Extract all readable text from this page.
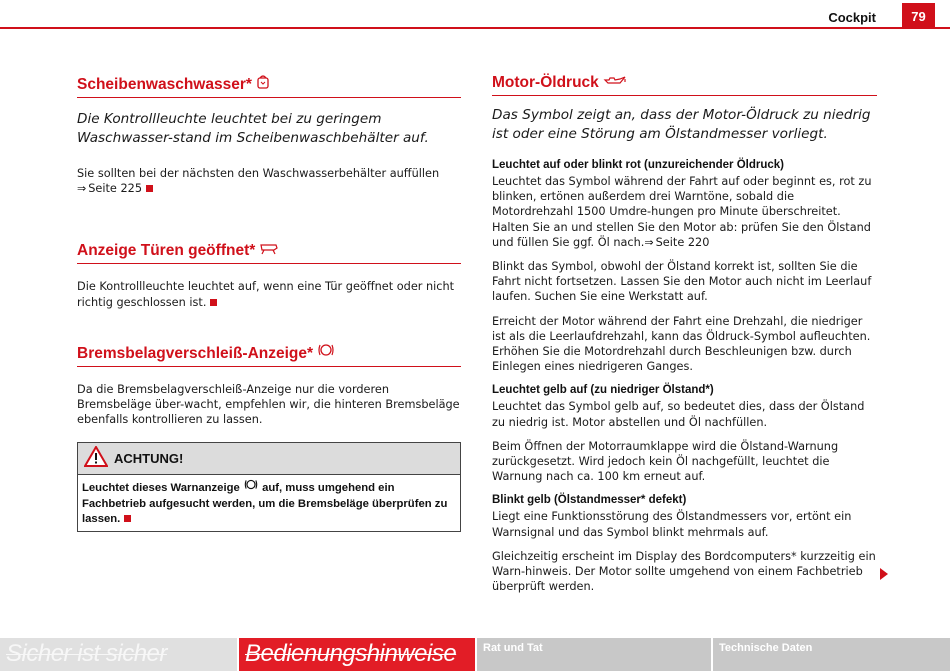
Cockpit	79
Scheibenwaschwasser*

Die Kontrollleuchte leuchtet bei zu geringem Waschwasser-stand im Scheibenwaschbehälter auf.

Sie sollten bei der nächsten den Waschwasserbehälter auffüllen
⇒ Seite 225

Anzeige Türen geöffnet*

Die Kontrollleuchte leuchtet auf, wenn eine Tür geöffnet oder nicht richtig geschlossen ist.

Bremsbelagverschleiß-Anzeige*

Da die Bremsbelagverschleiß-Anzeige nur die vorderen Bremsbeläge über-wacht, empfehlen wir, die hinteren Bremsbeläge ebenfalls kontrollieren zu lassen.

ACHTUNG!
Leuchtet dieses Warnanzeige auf, muss umgehend ein Fachbetrieb aufgesucht werden, um die Bremsbeläge überprüfen zu lassen.
Motor-Öldruck

Das Symbol zeigt an, dass der Motor-Öldruck zu niedrig ist oder eine Störung am Ölstandmesser vorliegt.

Leuchtet auf oder blinkt rot (unzureichender Öldruck)

Leuchtet das Symbol während der Fahrt auf oder beginnt es, rot zu blinken, ertönen außerdem drei Warntöne, sobald die Motordrehzahl 1500 Umdre-hungen pro Minute überschreitet. Halten Sie an und stellen Sie den Motor ab: prüfen Sie den Ölstand und füllen Sie ggf. Öl nach.⇒ Seite 220

Blinkt das Symbol, obwohl der Ölstand korrekt ist, sollten Sie die Fahrt nicht fortsetzen. Lassen Sie den Motor auch nicht im Leerlauf laufen. Suchen Sie eine Werkstatt auf.

Erreicht der Motor während der Fahrt eine Drehzahl, die niedriger ist als die Leerlaufdrehzahl, kann das Öldruck-Symbol aufleuchten. Erhöhen Sie die Motordrehzahl durch Beschleunigen bzw. durch Einlegen eines niedrigeren Ganges.

Leuchtet gelb auf (zu niedriger Ölstand*)

Leuchtet das Symbol gelb auf, so bedeutet dies, dass der Ölstand zu niedrig ist. Motor abstellen und Öl nachfüllen.

Beim Öffnen der Motorraumklappe wird die Ölstand-Warnung zurückgesetzt. Wird jedoch kein Öl nachgefüllt, leuchtet die Warnung nach ca. 100 km erneut auf.

Blinkt gelb (Ölstandmesser* defekt)

Liegt eine Funktionsstörung des Ölstandmessers vor, ertönt ein Warnsignal und das Symbol blinkt mehrmals auf.

Gleichzeitig erscheint im Display des Bordcomputers* kurzzeitig ein Warn-hinweis. Der Motor sollte umgehend von einem Fachbetrieb überprüft werden.

Sicher ist sicher	Bedienungshinweise Rat und Tat	Technische Daten
